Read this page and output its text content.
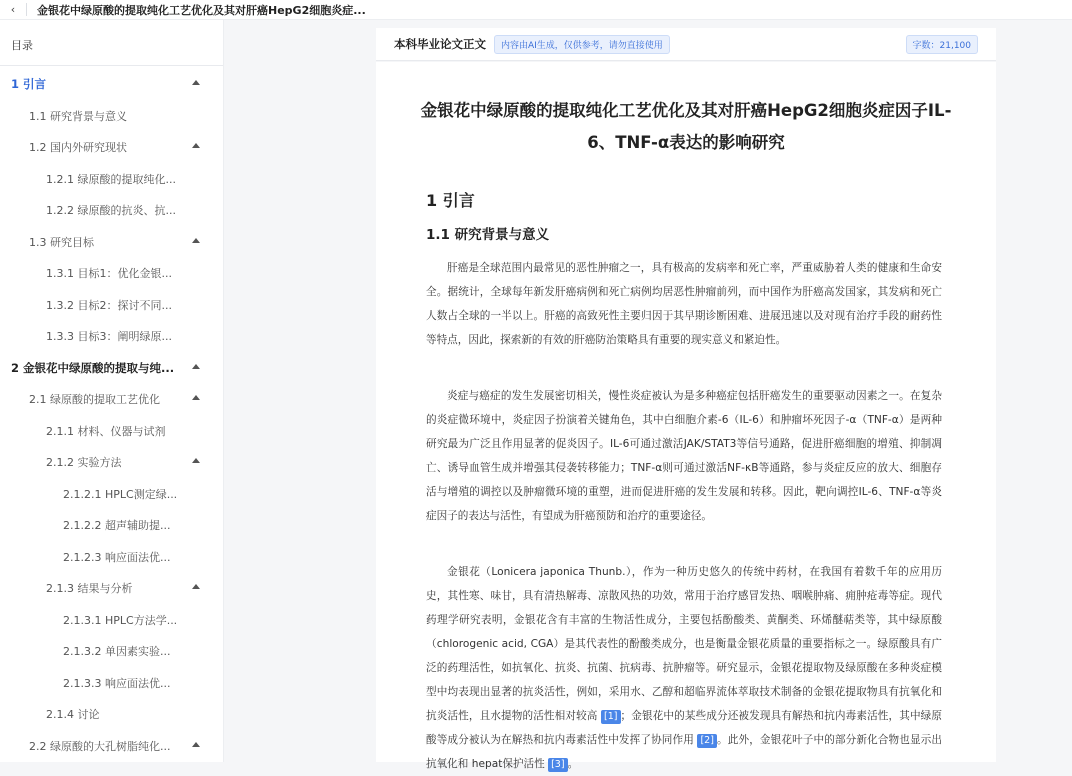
‹	金银花中绿原酸的提取纯化工艺优化及其对肝癌HepG2细胞炎症...
目录
1 引言
1.1 研究背景与意义
1.2 国内外研究现状
1.2.1 绿原酸的提取纯化...
1.2.2 绿原酸的抗炎、抗...
1.3 研究目标
1.3.1 目标1：优化金银...
1.3.2 目标2：探讨不同...
1.3.3 目标3：阐明绿原...
2 金银花中绿原酸的提取与纯...
2.1 绿原酸的提取工艺优化
2.1.1 材料、仪器与试剂
2.1.2 实验方法
2.1.2.1 HPLC测定绿...
2.1.2.2 超声辅助提...
2.1.2.3 响应面法优...
2.1.3 结果与分析
2.1.3.1 HPLC方法学...
2.1.3.2 单因素实验...
2.1.3.3 响应面法优...
2.1.4 讨论
2.2 绿原酸的大孔树脂纯化...
本科毕业论文正文	内容由AI生成，仅供参考，请勿直接使用	字数：21,100
金银花中绿原酸的提取纯化工艺优化及其对肝癌HepG2细胞炎症因子IL-6、TNF-α表达的影响研究
1 引言
1.1 研究背景与意义

肝癌是全球范围内最常见的恶性肿瘤之一，具有极高的发病率和死亡率，严重威胁着人类的健康和生命安全。据统计，全球每年新发肝癌病例和死亡病例均居恶性肿瘤前列，而中国作为肝癌高发国家，其发病和死亡人数占全球的一半以上。肝癌的高致死性主要归因于其早期诊断困难、进展迅速以及对现有治疗手段的耐药性等特点，因此，探索新的有效的肝癌防治策略具有重要的现实意义和紧迫性。

炎症与癌症的发生发展密切相关，慢性炎症被认为是多种癌症包括肝癌发生的重要驱动因素之一。在复杂的炎症微环境中，炎症因子扮演着关键角色，其中白细胞介素-6（IL-6）和肿瘤坏死因子-α（TNF-α）是两种研究最为广泛且作用显著的促炎因子。IL-6可通过激活JAK/STAT3等信号通路，促进肝癌细胞的增殖、抑制凋亡、诱导血管生成并增强其侵袭转移能力；TNF-α则可通过激活NF-κB等通路，参与炎症反应的放大、细胞存活与增殖的调控以及肿瘤微环境的重塑，进而促进肝癌的发生发展和转移。因此，靶向调控IL-6、TNF-α等炎症因子的表达与活性，有望成为肝癌预防和治疗的重要途径。

金银花（Lonicera japonica Thunb.），作为一种历史悠久的传统中药材，在我国有着数千年的应用历史，其性寒、味甘，具有清热解毒、凉散风热的功效，常用于治疗感冒发热、咽喉肿痛、痈肿疮毒等症。现代药理学研究表明，金银花含有丰富的生物活性成分，主要包括酚酸类、黄酮类、环烯醚萜类等，其中绿原酸（chlorogenic acid, CGA）是其代表性的酚酸类成分，也是衡量金银花质量的重要指标之一。绿原酸具有广泛的药理活性，如抗氧化、抗炎、抗菌、抗病毒、抗肿瘤等。研究显示，金银花提取物及绿原酸在多种炎症模型中均表现出显著的抗炎活性，例如，采用水、乙醇和超临界流体萃取技术制备的金银花提取物具有抗氧化和抗炎活性，且水提物的活性相对较高 [1] ；金银花中的某些成分还被发现具有解热和抗内毒素活性，其中绿原酸等成分被认为在解热和抗内毒素活性中发挥了协同作用 [2] 。此外，金银花叶子中的部分新化合物也显示出抗氧化和 hepat保护活性 [3] 。
